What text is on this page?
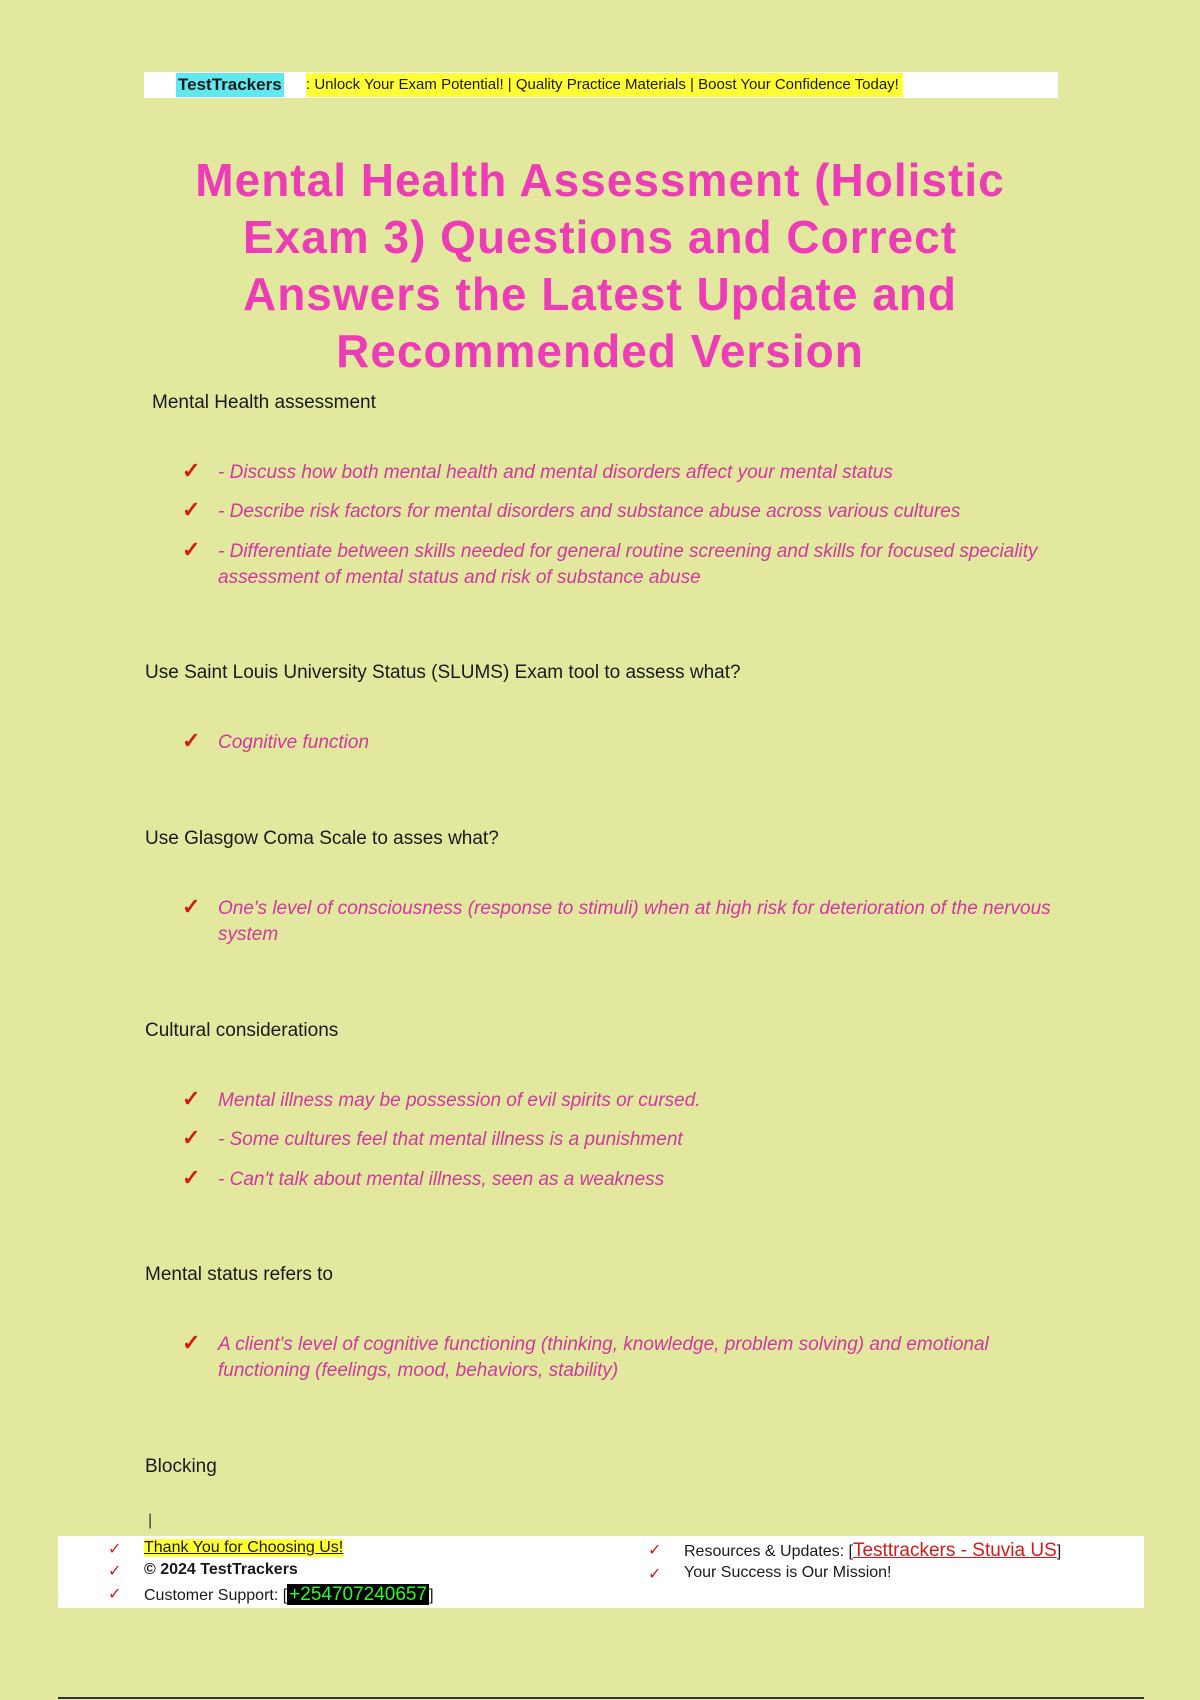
TestTrackers : Unlock Your Exam Potential! | Quality Practice Materials | Boost Your Confidence Today!
Mental Health Assessment (Holistic Exam 3) Questions and Correct Answers the Latest Update and Recommended Version
Mental Health assessment
✓ - Discuss how both mental health and mental disorders affect your mental status
✓ - Describe risk factors for mental disorders and substance abuse across various cultures
✓ - Differentiate between skills needed for general routine screening and skills for focused speciality assessment of mental status and risk of substance abuse
Use Saint Louis University Status (SLUMS) Exam tool to assess what?
✓ Cognitive function
Use Glasgow Coma Scale to asses what?
✓ One's level of consciousness (response to stimuli) when at high risk for deterioration of the nervous system
Cultural considerations
✓ Mental illness may be possession of evil spirits or cursed.
✓ - Some cultures feel that mental illness is a punishment
✓ - Can't talk about mental illness, seen as a weakness
Mental status refers to
✓ A client's level of cognitive functioning (thinking, knowledge, problem solving) and emotional functioning (feelings, mood, behaviors, stability)
Blocking
|
✓ Thank You for Choosing Us!
✓ © 2024 TestTrackers
✓ Customer Support: [ +254707240657 ]
✓ Resources & Updates: [Testtrackers - Stuvia US]
✓ Your Success is Our Mission!
